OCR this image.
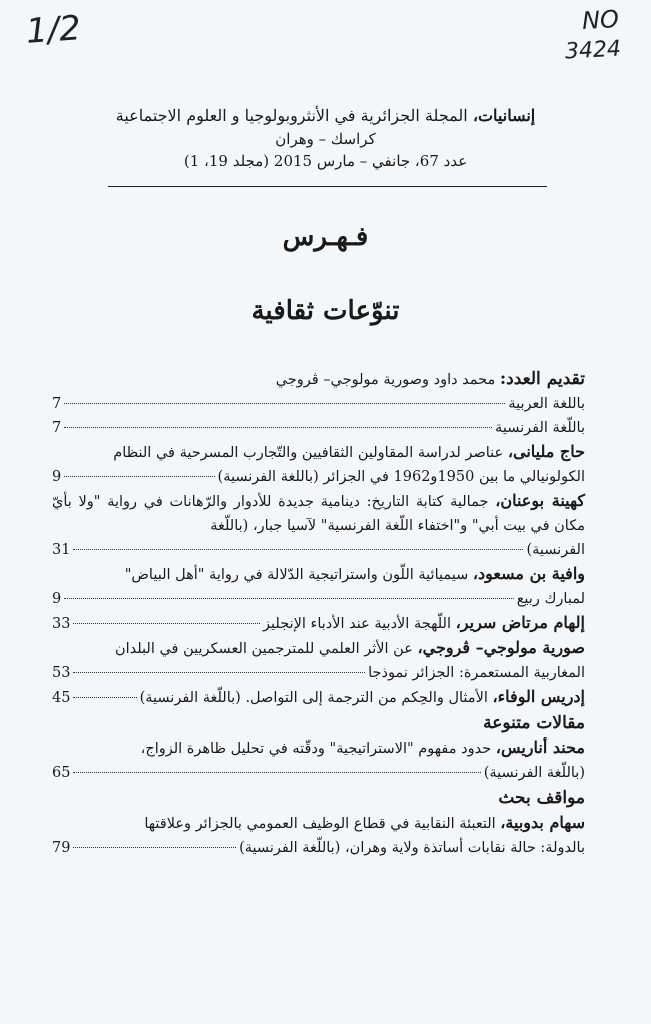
1/2	NO
3424
إنسانيات، المجلة الجزائرية في الأنثروبولوجيا و العلوم الاجتماعية
كراسك – وهران
عدد 67، جانفي – مارس 2015 (مجلد 19، 1)
فـهـرس
تنوّعات ثقافية
تقديم العدد: محمد داود وصورية مولوجي– ڤروجي
باللغة العربية
7
باللّغة الفرنسية
7

حاج مليانى، عناصر لدراسة المقاولين الثقافيين والتّجارب المسرحية في النظام

الكولونيالي ما بين 1950و1962 في الجزائر (باللغة الفرنسية)
9

كهينة بوعنان، جمالية كتابة التاريخ: دينامية جديدة للأدوار والرّهانات في رواية "ولا بأيّ مكان في بيت أبي" و"اختفاء اللّغة الفرنسية" لآسيا جبار، (باللّغة

الفرنسية)
31

وافية بن مسعود، سيميائية اللّون واستراتيجية الدّلالة في رواية "أهل البياض"

لمبارك ربيع
9
إلهام مرتاض سرير، اللّهجة الأدبية عند الأدباء الإنجليز
33

صورية مولوجي– ڤروجي، عن الأثر العلمي للمترجمين العسكريين في البلدان

المغاربية المستعمرة: الجزائر نموذجا
53
إدريس الوفاء، الأمثال والحِكم من الترجمة إلى التواصل. (باللّغة الفرنسية)
45
مقالات متنوعة

محند أناريس، حدود مفهوم "الاستراتيجية" ودقّته في تحليل ظاهرة الزواج،

(باللّغة الفرنسية)
65
مواقف بحث

سهام بدوبية، التعبئة النقابية في قطاع الوظيف العمومي بالجزائر وعلاقتها

بالدولة: حالة نقابات أساتذة ولاية وهران، (باللّغة الفرنسية)
79
